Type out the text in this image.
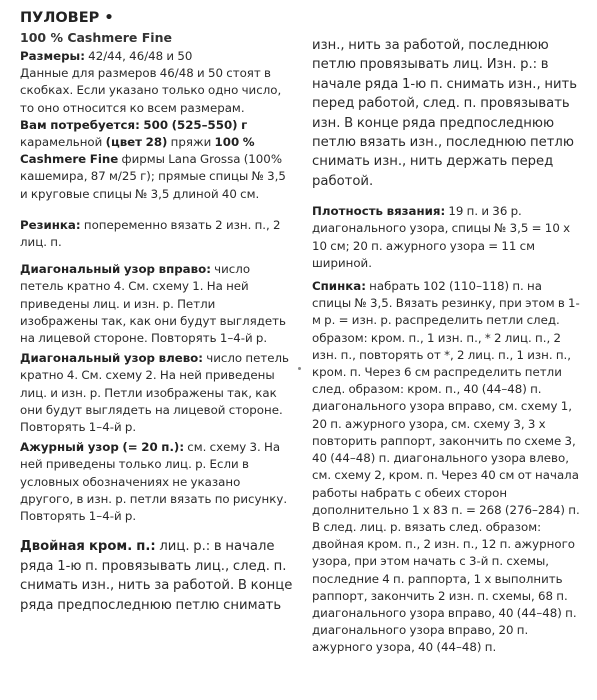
ПУЛОВЕР •
100 % Cashmere Fine

Размеры: 42/44, 46/48 и 50

Данные для размеров 46/48 и 50 стоят в скобках. Если указано только одно число, то оно относится ко всем размерам.

Вам потребуется: 500 (525–550) г карамельной (цвет 28) пряжи 100 % Cashmere Fine фирмы Lana Grossa (100% кашемира, 87 м/25 г); прямые спицы № 3,5 и круговые спицы № 3,5 длиной 40 см.

Резинка: попеременно вязать 2 изн. п., 2 лиц. п.

Диагональный узор вправо: число петель кратно 4. См. схему 1. На ней приведены лиц. и изн. р. Петли изображены так, как они будут выглядеть на лицевой стороне. Повторять 1–4-й р.

Диагональный узор влево: число петель кратно 4. См. схему 2. На ней приведены лиц. и изн. р. Петли изображены так, как они будут выглядеть на лицевой стороне. Повторять 1–4-й р.

Ажурный узор (= 20 п.): см. схему 3. На ней приведены только лиц. р. Если в условных обозначениях не указано другого, в изн. р. петли вязать по рисунку. Повторять 1–4-й р.

Двойная кром. п.: лиц. р.: в начале ряда 1-ю п. провязывать лиц., след. п. снимать изн., нить за работой. В конце ряда предпоследнюю петлю снимать

изн., нить за работой, последнюю петлю провязывать лиц. Изн. р.: в начале ряда 1-ю п. снимать изн., нить перед работой, след. п. провязывать изн. В конце ряда предпоследнюю петлю вязать изн., последнюю петлю снимать изн., нить держать перед работой.

Плотность вязания: 19 п. и 36 р. диагонального узора, спицы № 3,5 = 10 х 10 см; 20 п. ажурного узора = 11 см шириной.

Спинка: набрать 102 (110–118) п. на спицы № 3,5. Вязать резинку, при этом в 1-м р. = изн. р. распределить петли след. образом: кром. п., 1 изн. п., * 2 лиц. п., 2 изн. п., повторять от *, 2 лиц. п., 1 изн. п., кром. п. Через 6 см распределить петли след. образом: кром. п., 40 (44–48) п. диагонального узора вправо, см. схему 1, 20 п. ажурного узора, см. схему 3, 3 х повторить раппорт, закончить по схеме 3, 40 (44–48) п. диагонального узора влево, см. схему 2, кром. п. Через 40 см от начала работы набрать с обеих сторон дополнительно 1 х 83 п. = 268 (276–284) п. В след. лиц. р. вязать след. образом: двойная кром. п., 2 изн. п., 12 п. ажурного узора, при этом начать с 3-й п. схемы, последние 4 п. раппорта, 1 х выполнить раппорт, закончить 2 изн. п. схемы, 68 п. диагонального узора вправо, 40 (44–48) п. диагонального узора вправо, 20 п. ажурного узора, 40 (44–48) п.
